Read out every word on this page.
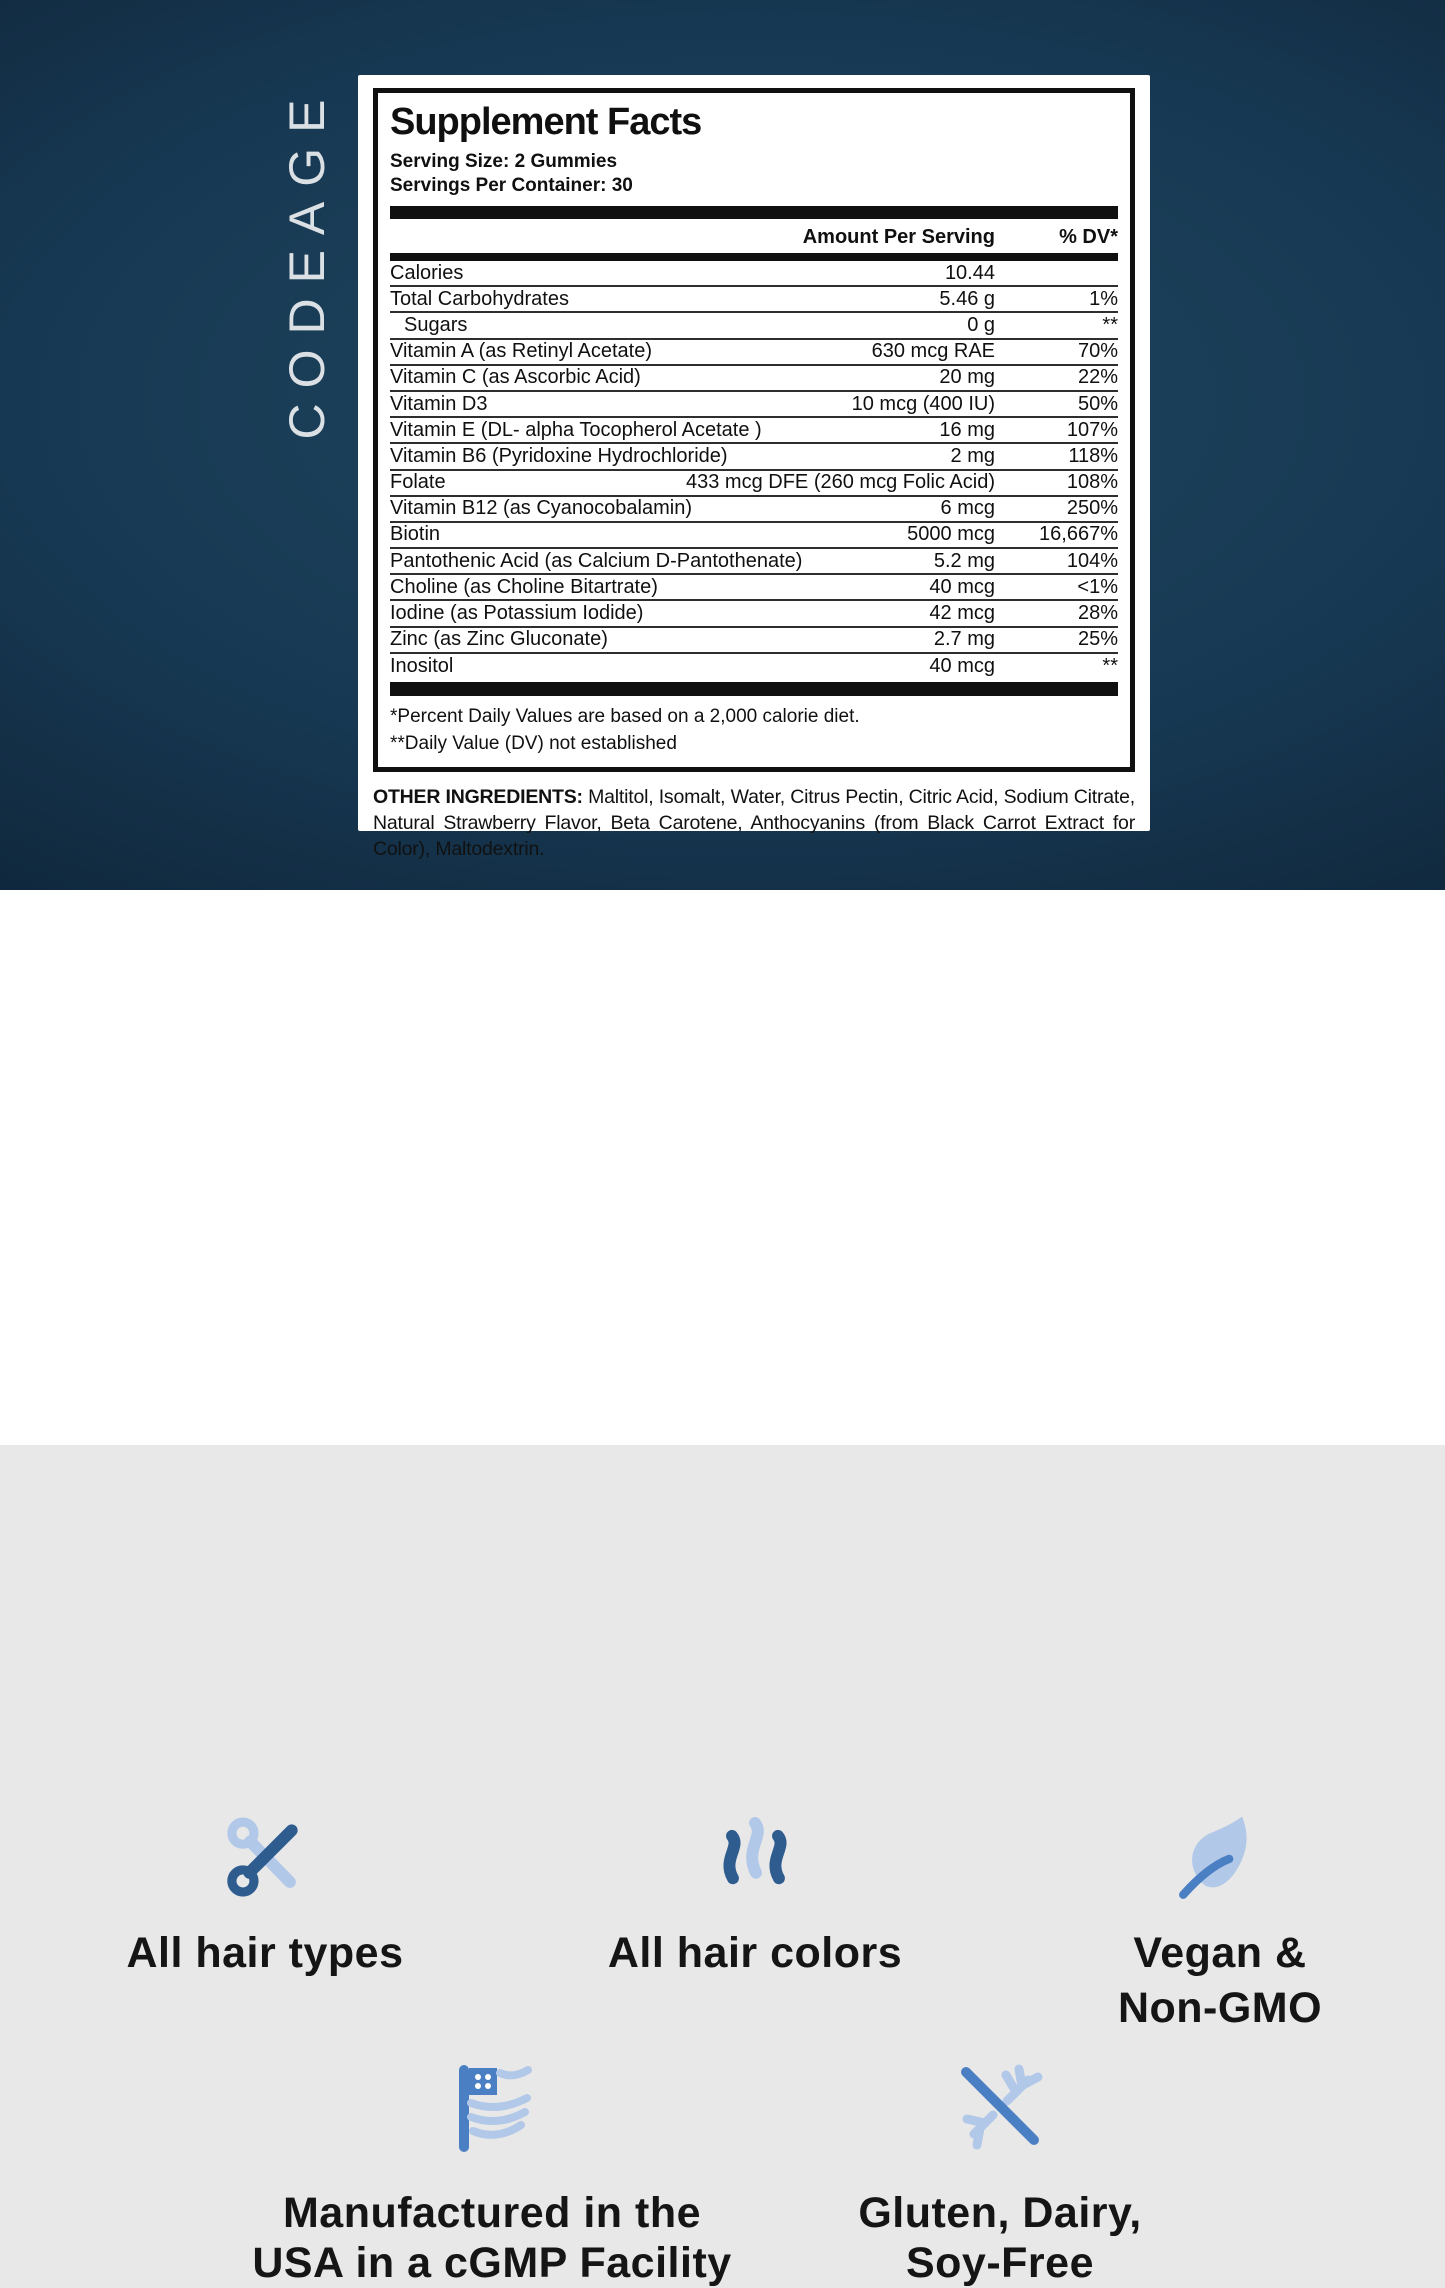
CODEAGE Supplement Facts
Serving Size: 2 Gummies
Servings Per Container: 30
Amount Per Serving	% DV*
Calories	10.44
Total Carbohydrates	5.46 g	1%
Sugars	0 g	**
Vitamin A (as Retinyl Acetate)	630 mcg RAE	70%
Vitamin C (as Ascorbic Acid)	20 mg	22%
Vitamin D3	10 mcg (400 IU)	50%
Vitamin E (DL- alpha Tocopherol Acetate )	16 mg	107%
Vitamin B6 (Pyridoxine Hydrochloride)	2 mg	118%
Folate	433 mcg DFE (260 mcg Folic Acid)	108%
Vitamin B12 (as Cyanocobalamin)	6 mcg	250%
Biotin	5000 mcg	16,667%
Pantothenic Acid (as Calcium D-Pantothenate)	5.2 mg	104%
Choline (as Choline Bitartrate)	40 mcg	<1%
Iodine (as Potassium Iodide)	42 mcg	28%
Zinc (as Zinc Gluconate)	2.7 mg	25%
Inositol	40 mcg	**
*Percent Daily Values are based on a 2,000 calorie diet.
**Daily Value (DV) not established
OTHER INGREDIENTS: Maltitol, Isomalt, Water, Citrus Pectin, Citric Acid, Sodium Citrate, Natural Strawberry Flavor, Beta Carotene, Anthocyanins (from Black Carrot Extract for Color), Maltodextrin.
All hair types	All hair colors	Vegan &
Non-GMO
Manufactured in the
USA in a cGMP Facility
Gluten, Dairy,
Soy-Free
